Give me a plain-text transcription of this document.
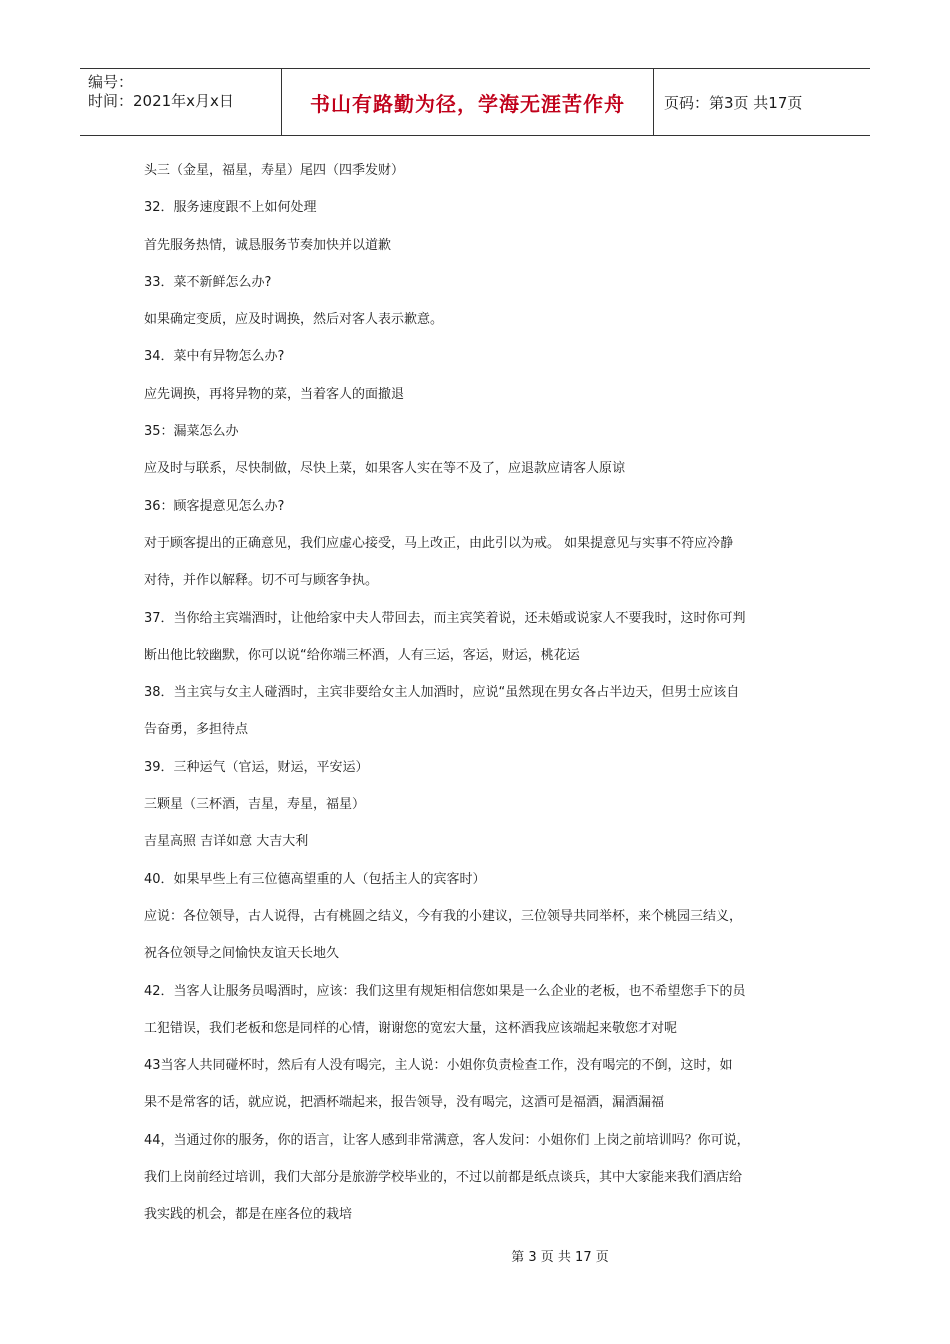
编号：
时间：2021年x月x日	书山有路勤为径，学海无涯苦作舟	页码：第3页 共17页
头三（金星，福星，寿星）尾四（四季发财）
32．服务速度跟不上如何处理
首先服务热情，诚恳服务节奏加快并以道歉
33．菜不新鲜怎么办?
如果确定变质，应及时调换，然后对客人表示歉意。
34．菜中有异物怎么办?
应先调换，再将异物的菜，当着客人的面撤退
35：漏菜怎么办
应及时与联系，尽快制做，尽快上菜，如果客人实在等不及了，应退款应请客人原谅
36：顾客提意见怎么办?
对于顾客提出的正确意见，我们应虚心接受，马上改正，由此引以为戒。 如果提意见与实事不符应冷静
对待，并作以解释。切不可与顾客争执。
37．当你给主宾端酒时，让他给家中夫人带回去，而主宾笑着说，还未婚或说家人不要我时，这时你可判
断出他比较幽默，你可以说“给你端三杯酒，人有三运，客运，财运，桃花运
38．当主宾与女主人碰酒时，主宾非要给女主人加酒时，应说“虽然现在男女各占半边天，但男士应该自
告奋勇，多担待点
39．三种运气（官运，财运，平安运）
三颗星（三杯酒，吉星，寿星，福星）
吉星高照 吉详如意 大吉大利
40．如果早些上有三位德高望重的人（包括主人的宾客时）
应说：各位领导，古人说得，古有桃圆之结义，今有我的小建议，三位领导共同举杯，来个桃园三结义，
祝各位领导之间愉快友谊天长地久
42．当客人让服务员喝酒时，应该：我们这里有规矩相信您如果是一么企业的老板，也不希望您手下的员
工犯错误，我们老板和您是同样的心情，谢谢您的宽宏大量，这杯酒我应该端起来敬您才对呢
43当客人共同碰杯时，然后有人没有喝完，主人说：小姐你负责检查工作，没有喝完的不倒，这时，如
果不是常客的话，就应说，把酒杯端起来，报告领导，没有喝完，这酒可是福酒，漏酒漏福
44，当通过你的服务，你的语言，让客人感到非常满意，客人发问：小姐你们 上岗之前培训吗？你可说，
我们上岗前经过培训，我们大部分是旅游学校毕业的，不过以前都是纸点谈兵，其中大家能来我们酒店给
我实践的机会，都是在座各位的栽培
第 3 页 共 17 页
